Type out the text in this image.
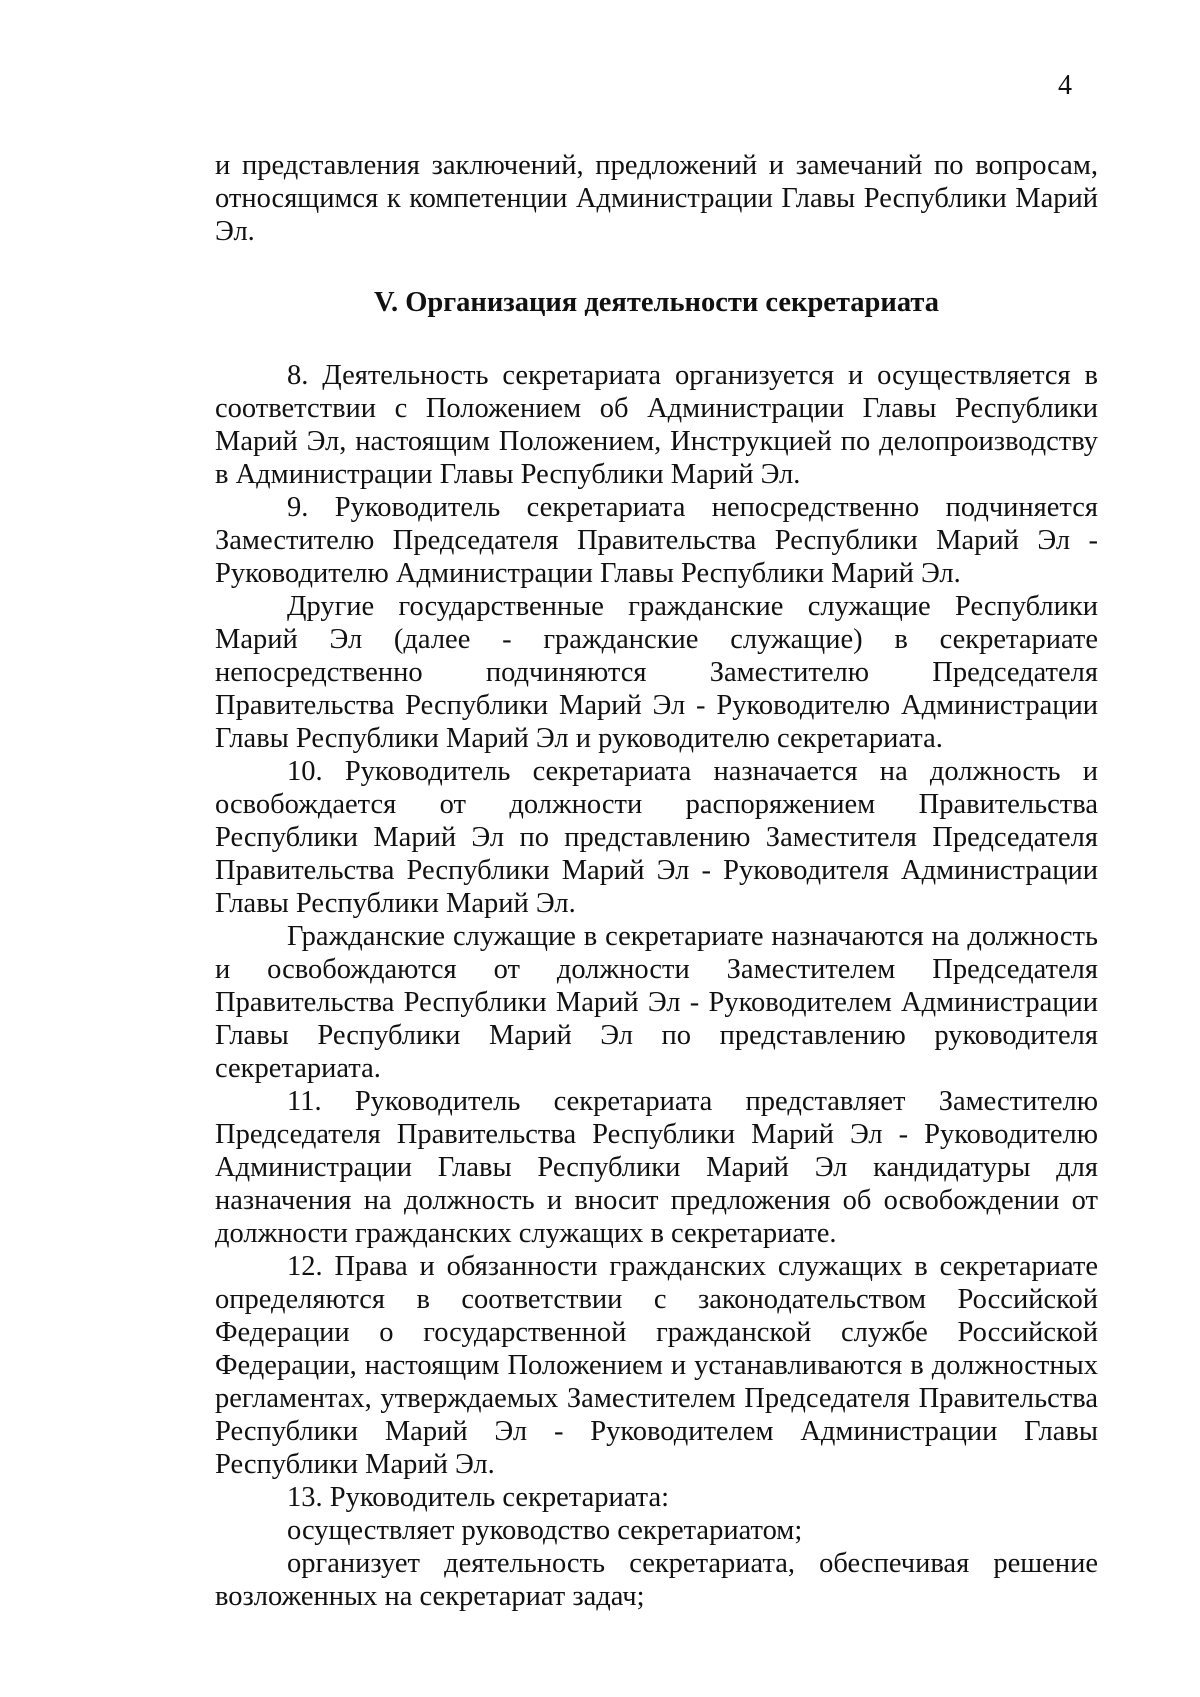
4

и представления заключений, предложений и замечаний по вопросам, относящимся к компетенции Администрации Главы Республики Марий Эл.

V. Организация деятельности секретариата

8. Деятельность секретариата организуется и осуществляется в соответствии с Положением об Администрации Главы Республики Марий Эл, настоящим Положением, Инструкцией по делопроизводству в Администрации Главы Республики Марий Эл.

9. Руководитель секретариата непосредственно подчиняется Заместителю Председателя Правительства Республики Марий Эл - Руководителю Администрации Главы Республики Марий Эл.

Другие государственные гражданские служащие Республики Марий Эл (далее - гражданские служащие) в секретариате непосредственно подчиняются Заместителю Председателя Правительства Республики Марий Эл - Руководителю Администрации Главы Республики Марий Эл и руководителю секретариата.

10. Руководитель секретариата назначается на должность и освобождается от должности распоряжением Правительства Республики Марий Эл по представлению Заместителя Председателя Правительства Республики Марий Эл - Руководителя Администрации Главы Республики Марий Эл.

Гражданские служащие в секретариате назначаются на должность и освобождаются от должности Заместителем Председателя Правительства Республики Марий Эл - Руководителем Администрации Главы Республики Марий Эл по представлению руководителя секретариата.

11. Руководитель секретариата представляет Заместителю Председателя Правительства Республики Марий Эл - Руководителю Администрации Главы Республики Марий Эл кандидатуры для назначения на должность и вносит предложения об освобождении от должности гражданских служащих в секретариате.

12. Права и обязанности гражданских служащих в секретариате определяются в соответствии с законодательством Российской Федерации о государственной гражданской службе Российской Федерации, настоящим Положением и устанавливаются в должностных регламентах, утверждаемых Заместителем Председателя Правительства Республики Марий Эл - Руководителем Администрации Главы Республики Марий Эл.

13. Руководитель секретариата:

осуществляет руководство секретариатом;

организует деятельность секретариата, обеспечивая решение возложенных на секретариат задач;
